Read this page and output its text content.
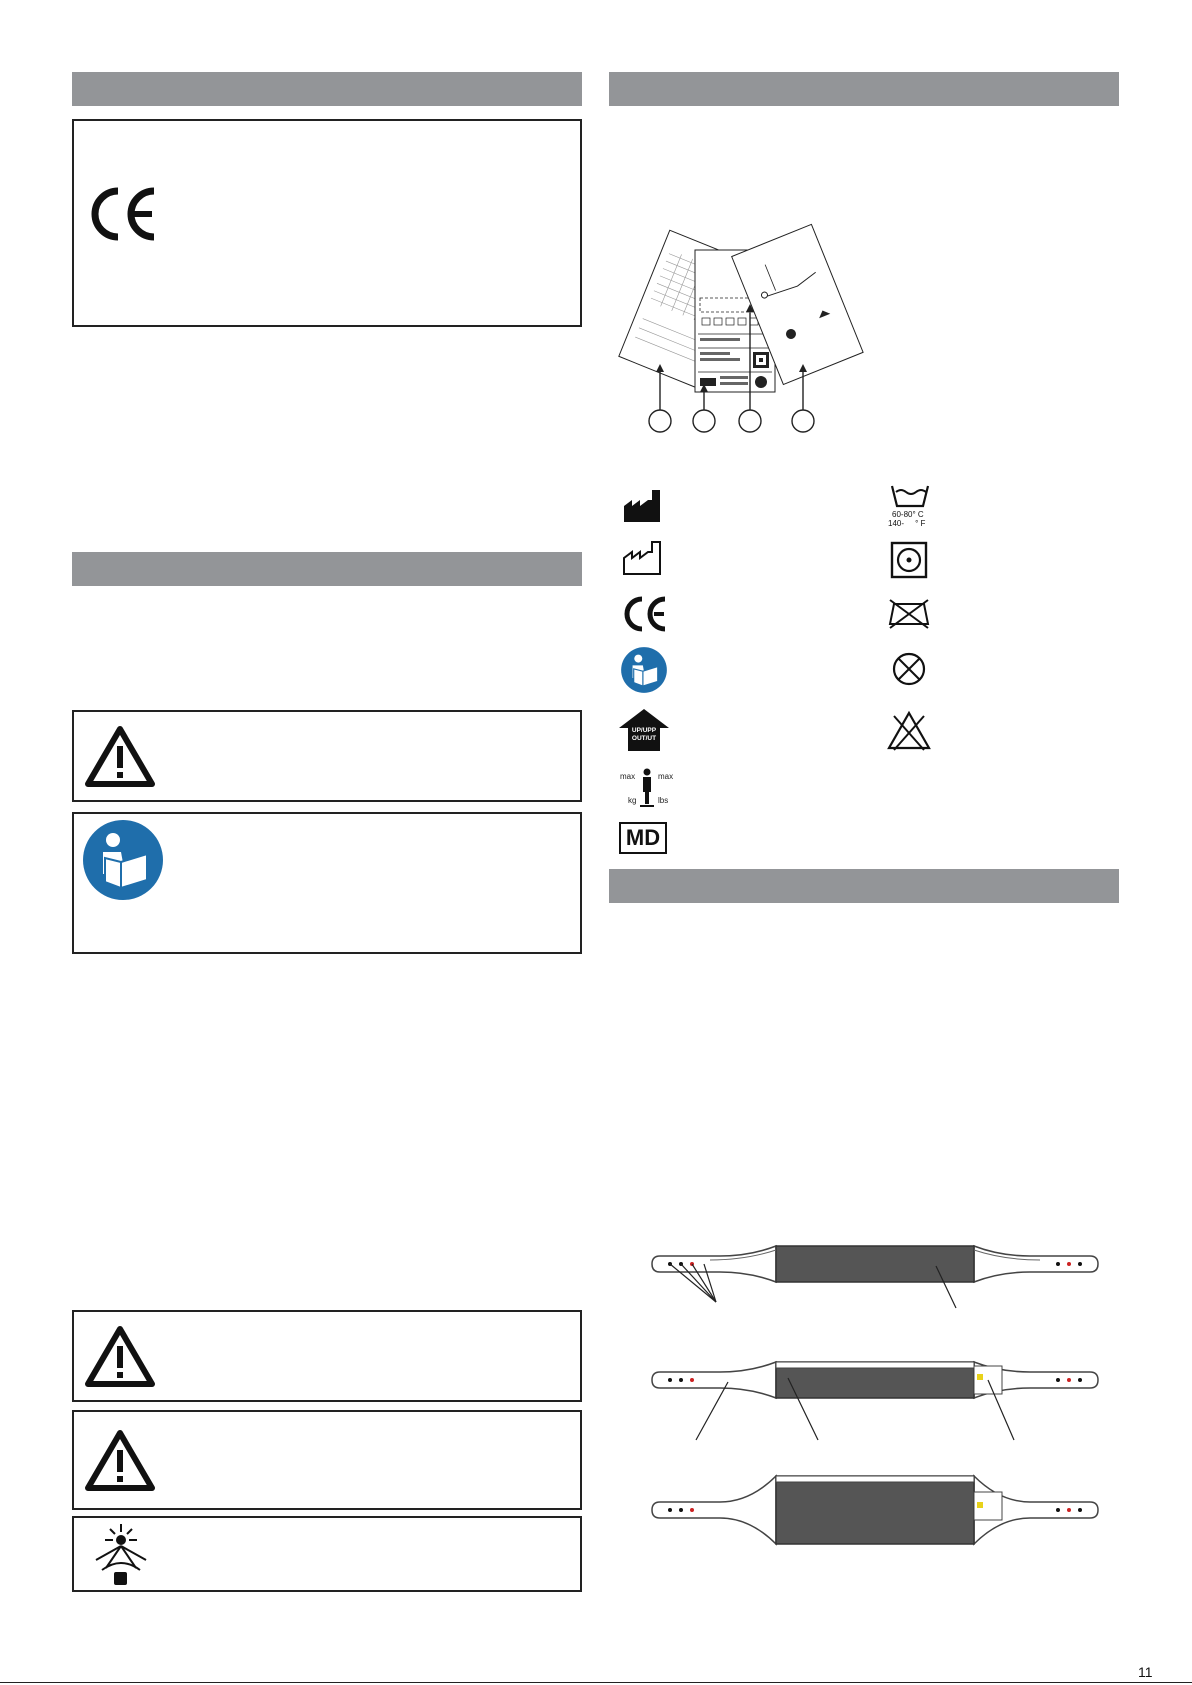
UP/UPP
OUT/UT
max	max
kg	lbs
MD
60-80° C
140-     ° F
11
